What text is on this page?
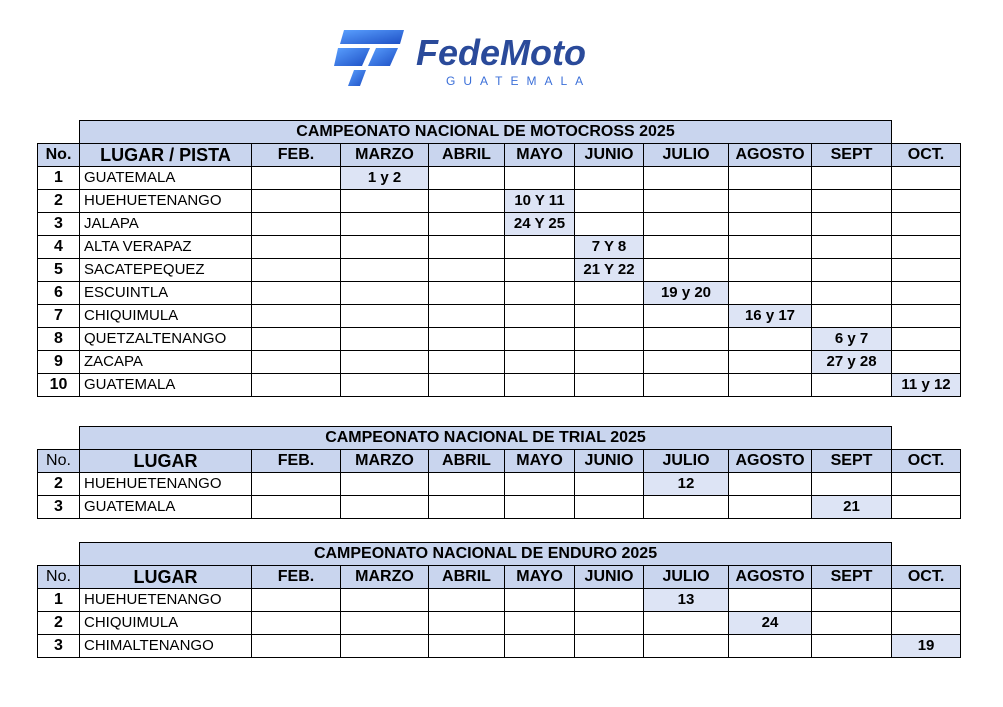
FedeMoto
GUATEMALA
	CAMPEONATO NACIONAL DE MOTOCROSS 2025									
No.	LUGAR / PISTA	FEB.	MARZO	ABRIL	MAYO	JUNIO	JULIO	AGOSTO	SEPT	OCT.
1	GUATEMALA		1 y 2							
2	HUEHUETENANGO				10 Y 11					
3	JALAPA				24 Y 25					
4	ALTA VERAPAZ					7 Y 8				
5	SACATEPEQUEZ					21 Y 22				
6	ESCUINTLA						19 y 20			
7	CHIQUIMULA							16 y 17		
8	QUETZALTENANGO								6 y 7	
9	ZACAPA								27 y 28	
10	GUATEMALA									11 y 12
	CAMPEONATO NACIONAL DE TRIAL 2025									
No.	LUGAR	FEB.	MARZO	ABRIL	MAYO	JUNIO	JULIO	AGOSTO	SEPT	OCT.
2	HUEHUETENANGO						12			
3	GUATEMALA								21	
	CAMPEONATO NACIONAL DE ENDURO 2025									
No.	LUGAR	FEB.	MARZO	ABRIL	MAYO	JUNIO	JULIO	AGOSTO	SEPT	OCT.
1	HUEHUETENANGO						13			
2	CHIQUIMULA							24		
3	CHIMALTENANGO									19
